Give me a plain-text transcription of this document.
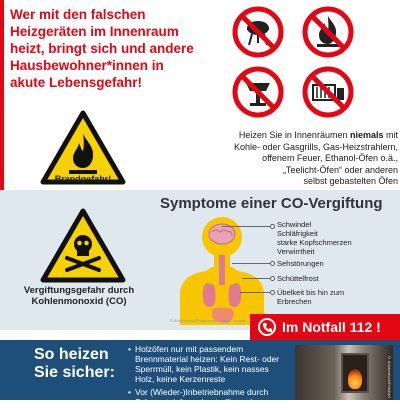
Wer mit den falschen
Heizgeräten im Innenraum
heizt, bringt sich und andere
Hausbewohner*innen in
akute Lebensgefahr!
Brandgefahr!
Heizen Sie in Innenräumen niemals mit
Kohle- oder Gasgrills, Gas-Heizstrahlern,
offenem Feuer, Ethanol-Öfen o.ä.,
„Teelicht-Öfen“ oder anderen
selbst gebastelten Öfen
Vergiftungsgefahr durch
Kohlenmonoxid (CO)
Symptome einer CO-Vergiftung
Schwindel
Schläfrigkeit
starke Kopfschmerzen
Verwirrtheit
Sehstörungen
Schüttelfrost
Übelkeit bis hin zum
Erbrechen
© Adobestock/Photoroman, Image: unspla… Im Notfall 112 !
So heizen
Sie sicher:
• Holzöfen nur mit passendem Brennmaterial heizen: Kein Rest- oder Sperrmüll, kein Plastik, kein nasses Holz, keine Kerzenreste
• Vor (Wieder-)Inbetriebnahme durch Schornsteinfeger kontrollieren lassen
© Adobestock/Fotobart
